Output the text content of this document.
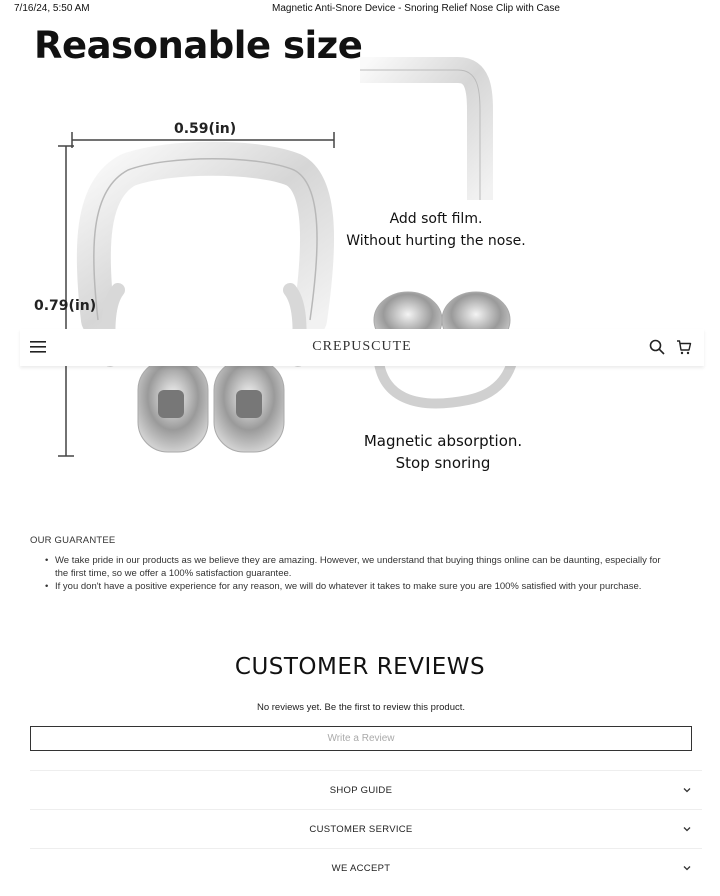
7/16/24, 5:50 AM	Magnetic Anti-Snore Device - Snoring Relief Nose Clip with Case
Reasonable size
0.59(in)
0.79(in)
Add soft film.
Without hurting the nose.
Magnetic absorption.
Stop snoring
CREPUSCUTE
OUR GUARANTEE
• We take pride in our products as we believe they are amazing. However, we understand that buying things online can be daunting, especially for the first time, so we offer a 100% satisfaction guarantee.
• If you don't have a positive experience for any reason, we will do whatever it takes to make sure you are 100% satisfied with your purchase.
CUSTOMER REVIEWS
No reviews yet. Be the first to review this product.
Write a Review
SHOP GUIDE
CUSTOMER SERVICE
WE ACCEPT
